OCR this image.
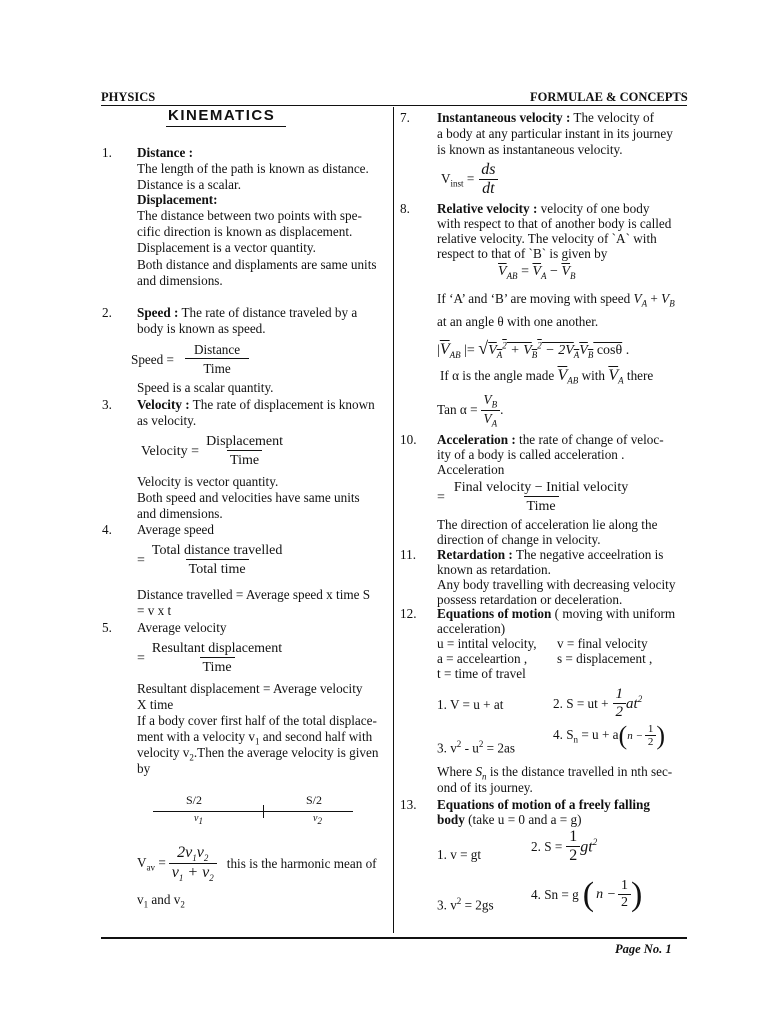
PHYSICS	FORMULAE & CONCEPTS
KINEMATICS
1. Distance :
The length of the path is known as distance.
Distance is a scalar.
Displacement:
The distance between two points with spe-
cific direction is known as displacement.
Displacement is a vector quantity.
Both distance and displaments are same units
and dimensions.
2. Speed : The rate of distance traveled by a
body is known as speed.
Speed = $\frac{\text{Distance}}{\text{Time}}$
Speed is a scalar quantity.
3. Velocity : The rate of displacement is known
as velocity.
Velocity = $\frac{\text{Displacement}}{\text{Time}}$
Velocity is vector quantity.
Both speed and velocities have same units
and dimensions.
4. Average speed
= $\frac{\text{Total distance travelled}}{\text{Total time}}$
Distance travelled = Average speed x time S
= v x t
5. Average velocity
= $\frac{\text{Resultant displacement}}{\text{Time}}$
Resultant displacement = Average velocity
X time
If a body cover first half of the total displace-
ment with a velocity $v_1$ and second half with
velocity $v_2.Then$ the average velocity is given
by
S/2	S/2
$v_1$	$v_2$
$V_{av} = \frac{2v_1v_2}{v_1 + v_2}$ this is the harmonic mean of
$v_1$ and $v_2$
7. Instantaneous velocity : The velocity of
a body at any particular instant in its journey
is known as instantaneous velocity.
$V_{inst} = \frac{ds}{dt}$
8. Relative velocity : velocity of one body
with respect to that of another body is called
relative velocity. The velocity of `A` with
respect to that of `B` is given by
$\overline{V}_{AB} = \overline{V}_A - \overline{V}_B$
If ‘A’ and ‘B’ are moving with speed $V_A + V_B$
at an angle θ with one another.
$|\overline{V}_{AB}$ |= $√V_A^2 + V_B^2 - 2V_AV_B$ cosθ .
If α is the angle made $\overline{V}_{AB}$ with $\overline{V}_A$ there
Tan $\alpha = \frac{V_B}{V_A}$ .
10. Acceleration : the rate of change of veloc-
ity of a body is called acceleration .
Acceleration
= $\frac{\text{Final velocity − Initial velocity}}{\text{Time}}$
The direction of acceleration lie along the
direction of change in velocity.
11. Retardation : The negative acceelration is
known as retardation.
Any body travelling with decreasing velocity
possess retardation or deceleration.
12. Equations of motion ( moving with uniform
acceleration)
u = intital velocity, v = final velocity
a = acceleartion , s = displacement ,
t = time of travel
1. V = u + at	2. S = ut + $\frac{1}{2} at^2$
3. $v^2 - u^2 = 2as$
4. $S_n = u + a$ ( $n - \frac{1}{2}$ )
Where $S_n$ is the distance travelled in nth sec-
ond of its journey.
13. Equations of motion of a freely falling
body (take u = 0 and a = g)
1. v = gt
2. $S = \frac{1}{2} gt^2$
3. $v^2 = 2gs$
4. Sn = g ( $n - \frac{1}{2}$ )
Page No. 1
